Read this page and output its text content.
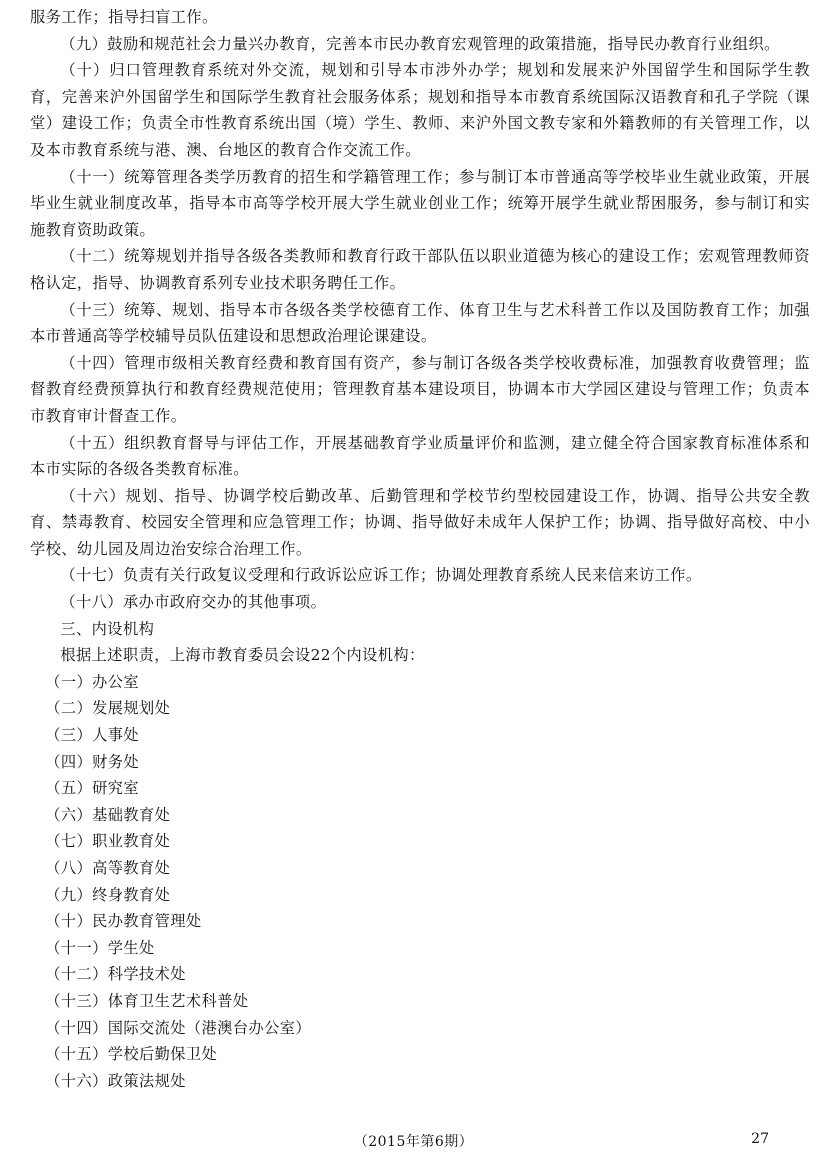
服务工作；指导扫盲工作。

（九）鼓励和规范社会力量兴办教育，完善本市民办教育宏观管理的政策措施，指导民办教育行业组织。

（十）归口管理教育系统对外交流，规划和引导本市涉外办学；规划和发展来沪外国留学生和国际学生教育，完善来沪外国留学生和国际学生教育社会服务体系；规划和指导本市教育系统国际汉语教育和孔子学院（课堂）建设工作；负责全市性教育系统出国（境）学生、教师、来沪外国文教专家和外籍教师的有关管理工作，以及本市教育系统与港、澳、台地区的教育合作交流工作。

（十一）统筹管理各类学历教育的招生和学籍管理工作；参与制订本市普通高等学校毕业生就业政策，开展毕业生就业制度改革，指导本市高等学校开展大学生就业创业工作；统筹开展学生就业帮困服务，参与制订和实施教育资助政策。

（十二）统筹规划并指导各级各类教师和教育行政干部队伍以职业道德为核心的建设工作；宏观管理教师资格认定，指导、协调教育系列专业技术职务聘任工作。

（十三）统筹、规划、指导本市各级各类学校德育工作、体育卫生与艺术科普工作以及国防教育工作；加强本市普通高等学校辅导员队伍建设和思想政治理论课建设。

（十四）管理市级相关教育经费和教育国有资产，参与制订各级各类学校收费标准，加强教育收费管理；监督教育经费预算执行和教育经费规范使用；管理教育基本建设项目，协调本市大学园区建设与管理工作；负责本市教育审计督查工作。

（十五）组织教育督导与评估工作，开展基础教育学业质量评价和监测，建立健全符合国家教育标准体系和本市实际的各级各类教育标准。

（十六）规划、指导、协调学校后勤改革、后勤管理和学校节约型校园建设工作，协调、指导公共安全教育、禁毒教育、校园安全管理和应急管理工作；协调、指导做好未成年人保护工作；协调、指导做好高校、中小学校、幼儿园及周边治安综合治理工作。

（十七）负责有关行政复议受理和行政诉讼应诉工作；协调处理教育系统人民来信来访工作。

（十八）承办市政府交办的其他事项。

三、内设机构

根据上述职责，上海市教育委员会设22个内设机构：

（一）办公室
（二）发展规划处
（三）人事处
（四）财务处
（五）研究室
（六）基础教育处
（七）职业教育处
（八）高等教育处
（九）终身教育处
（十）民办教育管理处
（十一）学生处
（十二）科学技术处
（十三）体育卫生艺术科普处
（十四）国际交流处（港澳台办公室）
（十五）学校后勤保卫处
（十六）政策法规处
（2015年第6期）	27
